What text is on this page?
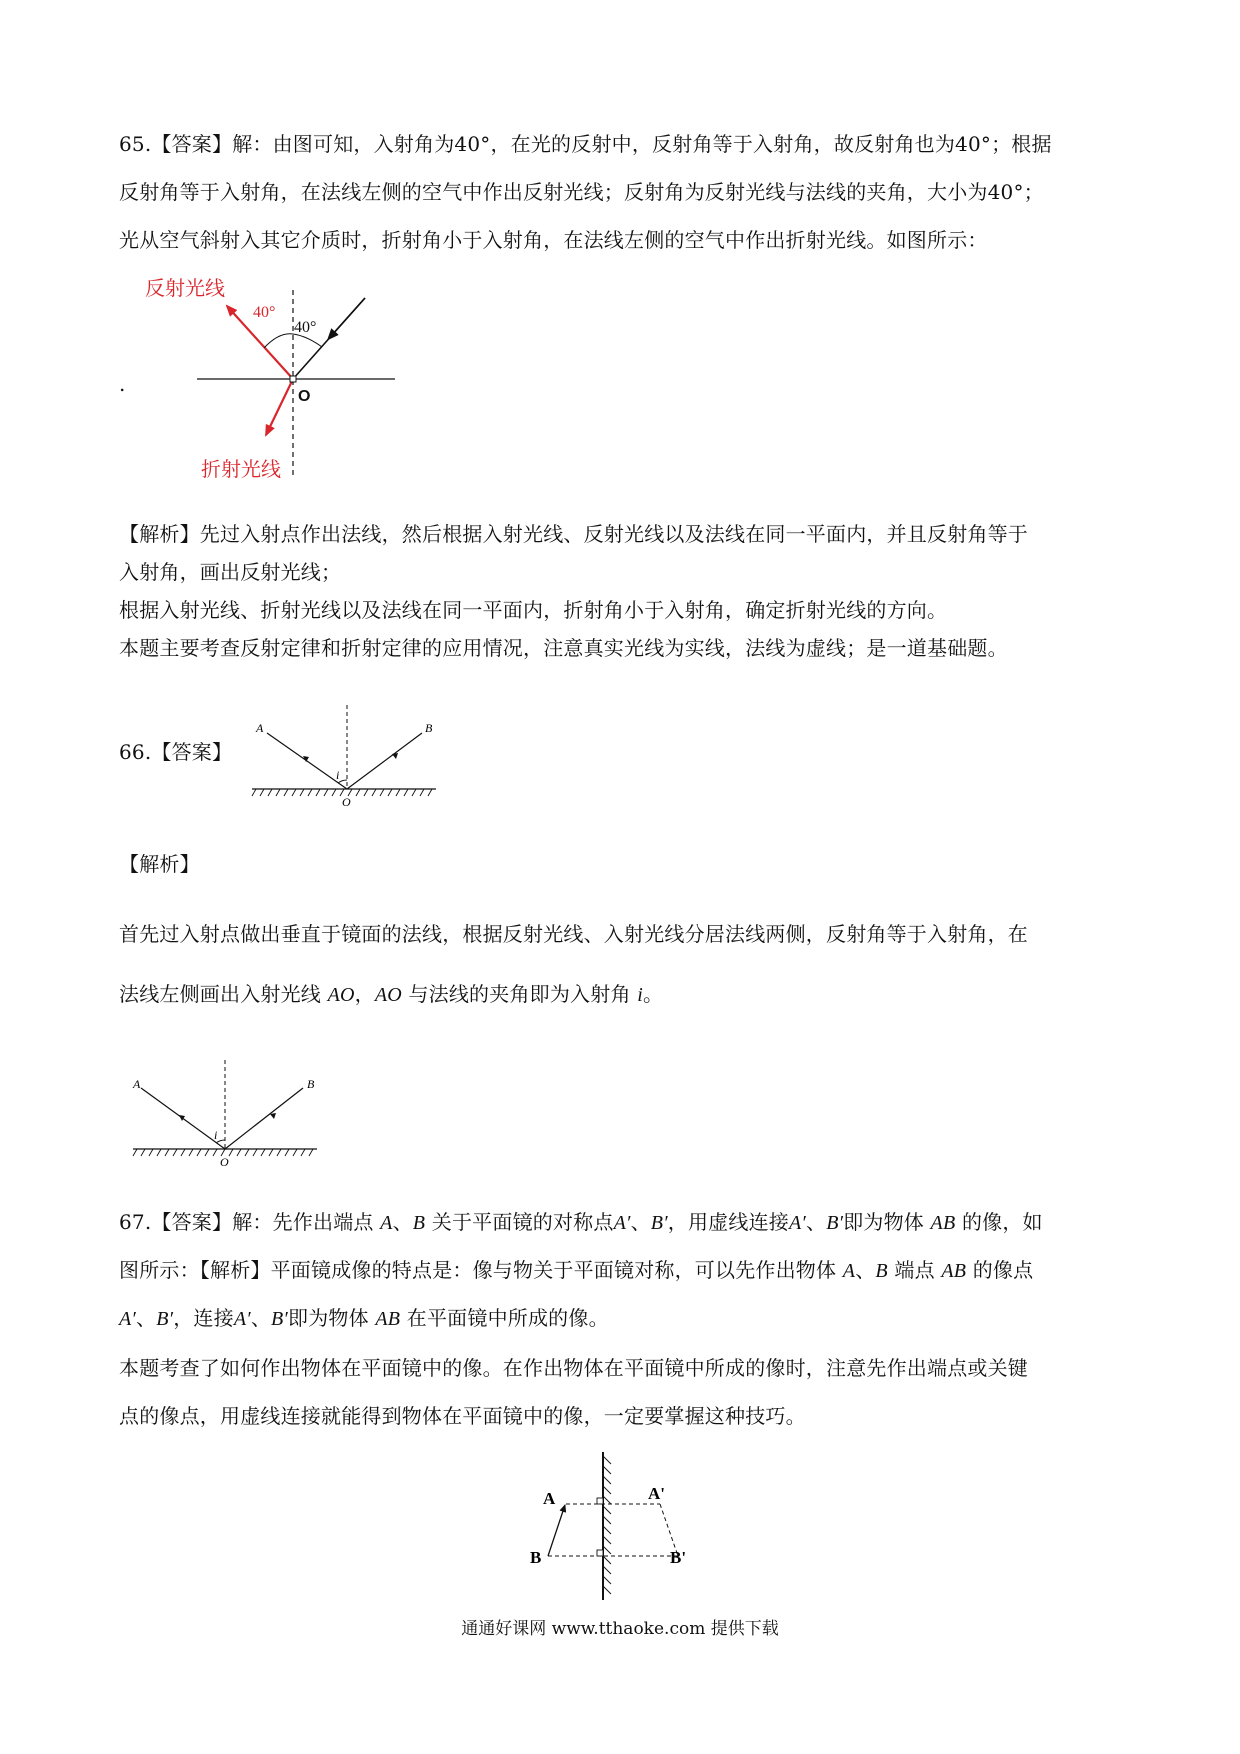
65.【答案】解：由图可知，入射角为40°，在光的反射中，反射角等于入射角，故反射角也为40°；根据
反射角等于入射角，在法线左侧的空气中作出反射光线；反射角为反射光线与法线的夹角，大小为40°；
光从空气斜射入其它介质时，折射角小于入射角，在法线左侧的空气中作出折射光线。如图所示：
.
反射光线
40°
40°
O
折射光线
【解析】先过入射点作出法线，然后根据入射光线、反射光线以及法线在同一平面内，并且反射角等于
入射角，画出反射光线；
根据入射光线、折射光线以及法线在同一平面内，折射角小于入射角，确定折射光线的方向。
本题主要考查反射定律和折射定律的应用情况，注意真实光线为实线，法线为虚线；是一道基础题。
66.【答案】
A	B
i
O
【解析】
首先过入射点做出垂直于镜面的法线，根据反射光线、入射光线分居法线两侧，反射角等于入射角，在
法线左侧画出入射光线 AO，AO 与法线的夹角即为入射角 i。
A	B
i
O
67.【答案】解：先作出端点 A、B 关于平面镜的对称点A′、B′，用虚线连接A′、B′即为物体 AB 的像，如
图所示：【解析】平面镜成像的特点是：像与物关于平面镜对称，可以先作出物体 A、B 端点 AB 的像点
A′、B′，连接A′、B′即为物体 AB 在平面镜中所成的像。
本题考查了如何作出物体在平面镜中的像。在作出物体在平面镜中所成的像时，注意先作出端点或关键
点的像点，用虚线连接就能得到物体在平面镜中的像，一定要掌握这种技巧。
A
B
A'
B'
通通好课网 www.tthaoke.com 提供下载
